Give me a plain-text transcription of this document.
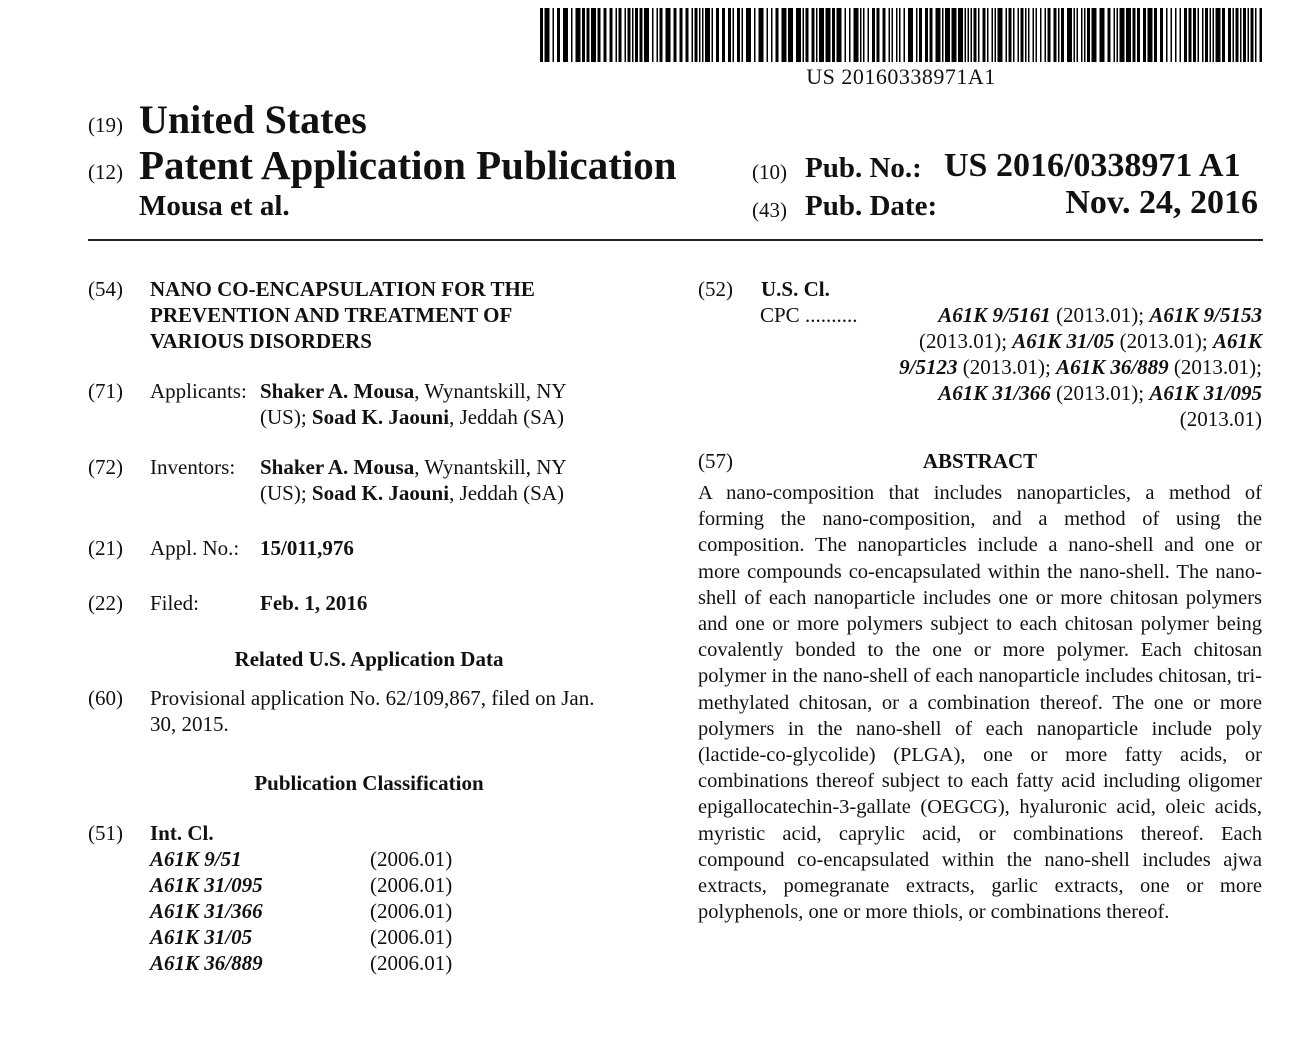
US 20160338971A1
(19) United States
(12) Patent Application Publication
Mousa et al.
(10) Pub. No.: US 2016/0338971 A1
(43) Pub. Date:	Nov. 24, 2016
(54) NANO CO-ENCAPSULATION FOR THE
PREVENTION AND TREATMENT OF
VARIOUS DISORDERS
(71) Applicants: Shaker A. Mousa, Wynantskill, NY
(US); Soad K. Jaouni, Jeddah (SA)
(72) Inventors: Shaker A. Mousa, Wynantskill, NY
(US); Soad K. Jaouni, Jeddah (SA)
(21) Appl. No.: 15/011,976
(22) Filed:	Feb. 1, 2016
Related U.S. Application Data
(60) Provisional application No. 62/109,867, filed on Jan.
30, 2015.
Publication Classification
(51) Int. Cl.
A61K 9/51	(2006.01)
A61K 31/095	(2006.01)
A61K 31/366	(2006.01)
A61K 31/05	(2006.01)
A61K 36/889	(2006.01)
(52) U.S. Cl.
CPC ..........	A61K 9/5161 (2013.01); A61K 9/5153
(2013.01); A61K 31/05 (2013.01); A61K
9/5123 (2013.01); A61K 36/889 (2013.01);
A61K 31/366 (2013.01); A61K 31/095
(2013.01)
(57)	ABSTRACT
A nano-composition that includes nanoparticles, a method of forming the nano-composition, and a method of using the composition. The nanoparticles include a nano-shell and one or more compounds co-encapsulated within the nano-shell. The nano-shell of each nanoparticle includes one or more chitosan polymers and one or more polymers subject to each chitosan polymer being covalently bonded to the one or more polymer. Each chitosan polymer in the nano-shell of each nanoparticle includes chitosan, tri-methylated chitosan, or a combination thereof. The one or more polymers in the nano-shell of each nanoparticle include poly (lactide-co-glycolide) (PLGA), one or more fatty acids, or combinations thereof subject to each fatty acid including oligomer epigallocatechin-3-gallate (OEGCG), hyaluronic acid, oleic acids, myristic acid, caprylic acid, or combinations thereof. Each compound co-encapsulated within the nano-shell includes ajwa extracts, pomegranate extracts, garlic extracts, one or more polyphenols, one or more thiols, or combinations thereof.
